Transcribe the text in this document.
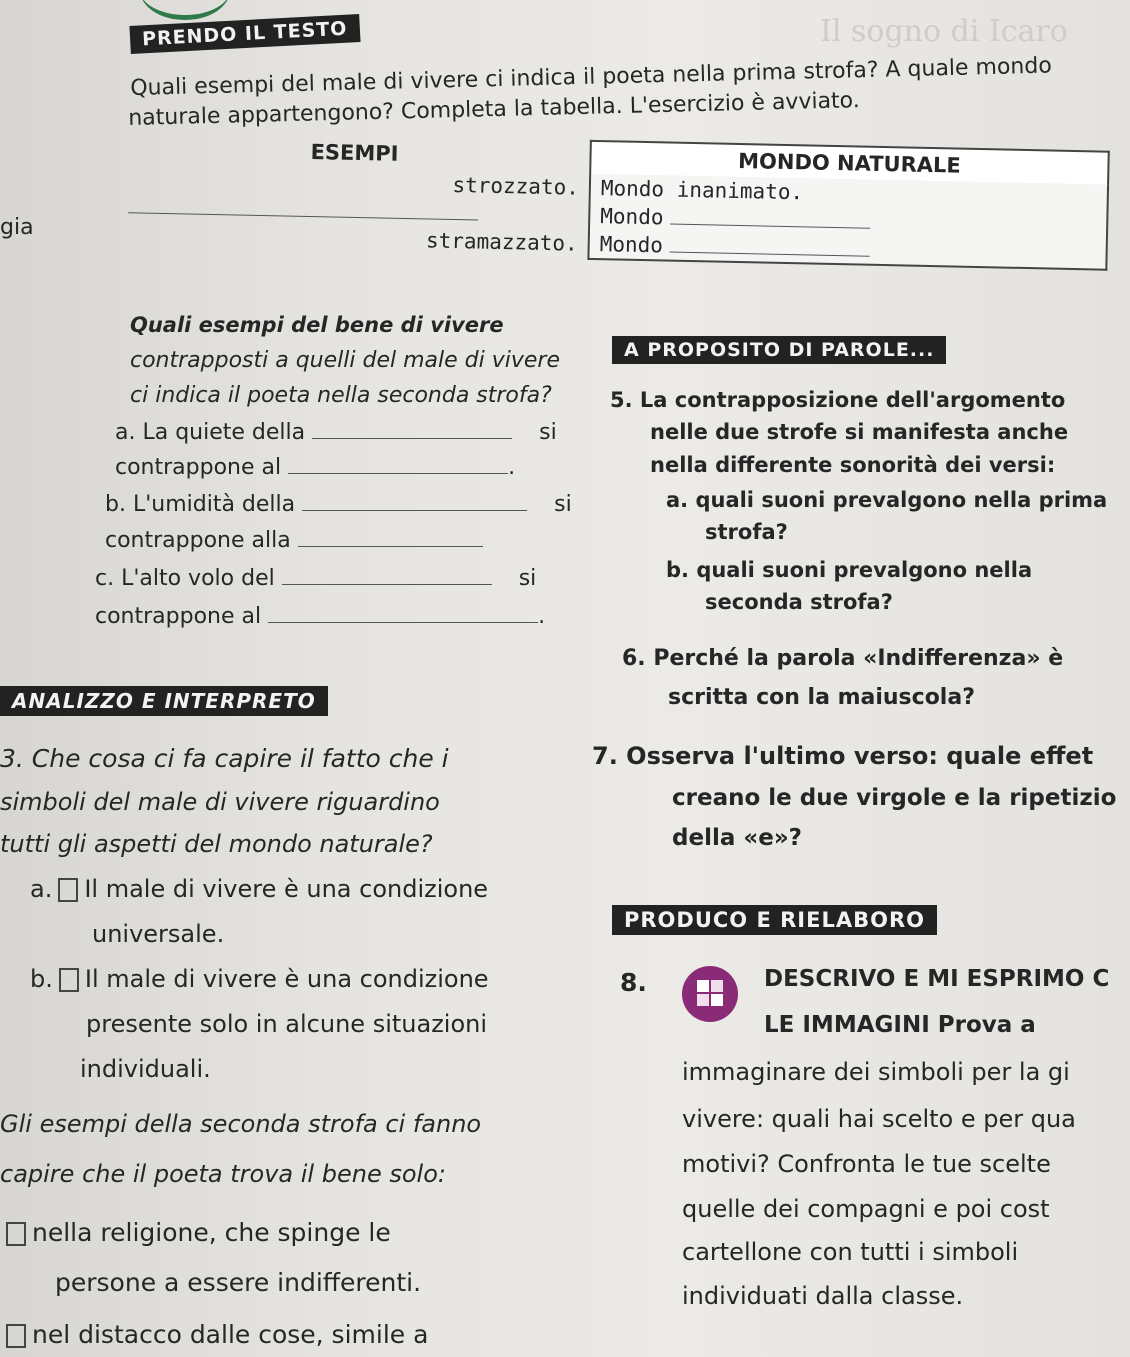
Il sogno di Icaro
PRENDO IL TESTO
Quali esempi del male di vivere ci indica il poeta nella prima strofa? A quale mondo
naturale appartengono? Completa la tabella. L'esercizio è avviato.
ESEMPI	MONDO NATURALE
strozzato.	Mondo inanimato.
	Mondo
stramazzato.	Mondo
gia
Quali esempi del bene di vivere
contrapposti a quelli del male di vivere
ci indica il poeta nella seconda strofa?
a. La quiete della	si
contrappone al	.
b. L'umidità della	si
contrappone alla
c. L'alto volo del	si
contrappone al	.
ANALIZZO E INTERPRETO
3. Che cosa ci fa capire il fatto che i
simboli del male di vivere riguardino
tutti gli aspetti del mondo naturale?
a. Il male di vivere è una condizione
universale.
b. Il male di vivere è una condizione
presente solo in alcune situazioni
individuali.
Gli esempi della seconda strofa ci fanno
capire che il poeta trova il bene solo:
nella religione, che spinge le
persone a essere indifferenti.
nel distacco dalle cose, simile a
A PROPOSITO DI PAROLE...
5. La contrapposizione dell'argomento
nelle due strofe si manifesta anche
nella differente sonorità dei versi:
a. quali suoni prevalgono nella prima
strofa?
b. quali suoni prevalgono nella
seconda strofa?
6. Perché la parola «Indifferenza» è
scritta con la maiuscola?
7. Osserva l'ultimo verso: quale effet
creano le due virgole e la ripetizio
della «e»?
PRODUCO E RIELABORO
8.	DESCRIVO E MI ESPRIMO C
LE IMMAGINI Prova a
immaginare dei simboli per la gi
vivere: quali hai scelto e per qua
motivi? Confronta le tue scelte
quelle dei compagni e poi cost
cartellone con tutti i simboli
individuati dalla classe.
